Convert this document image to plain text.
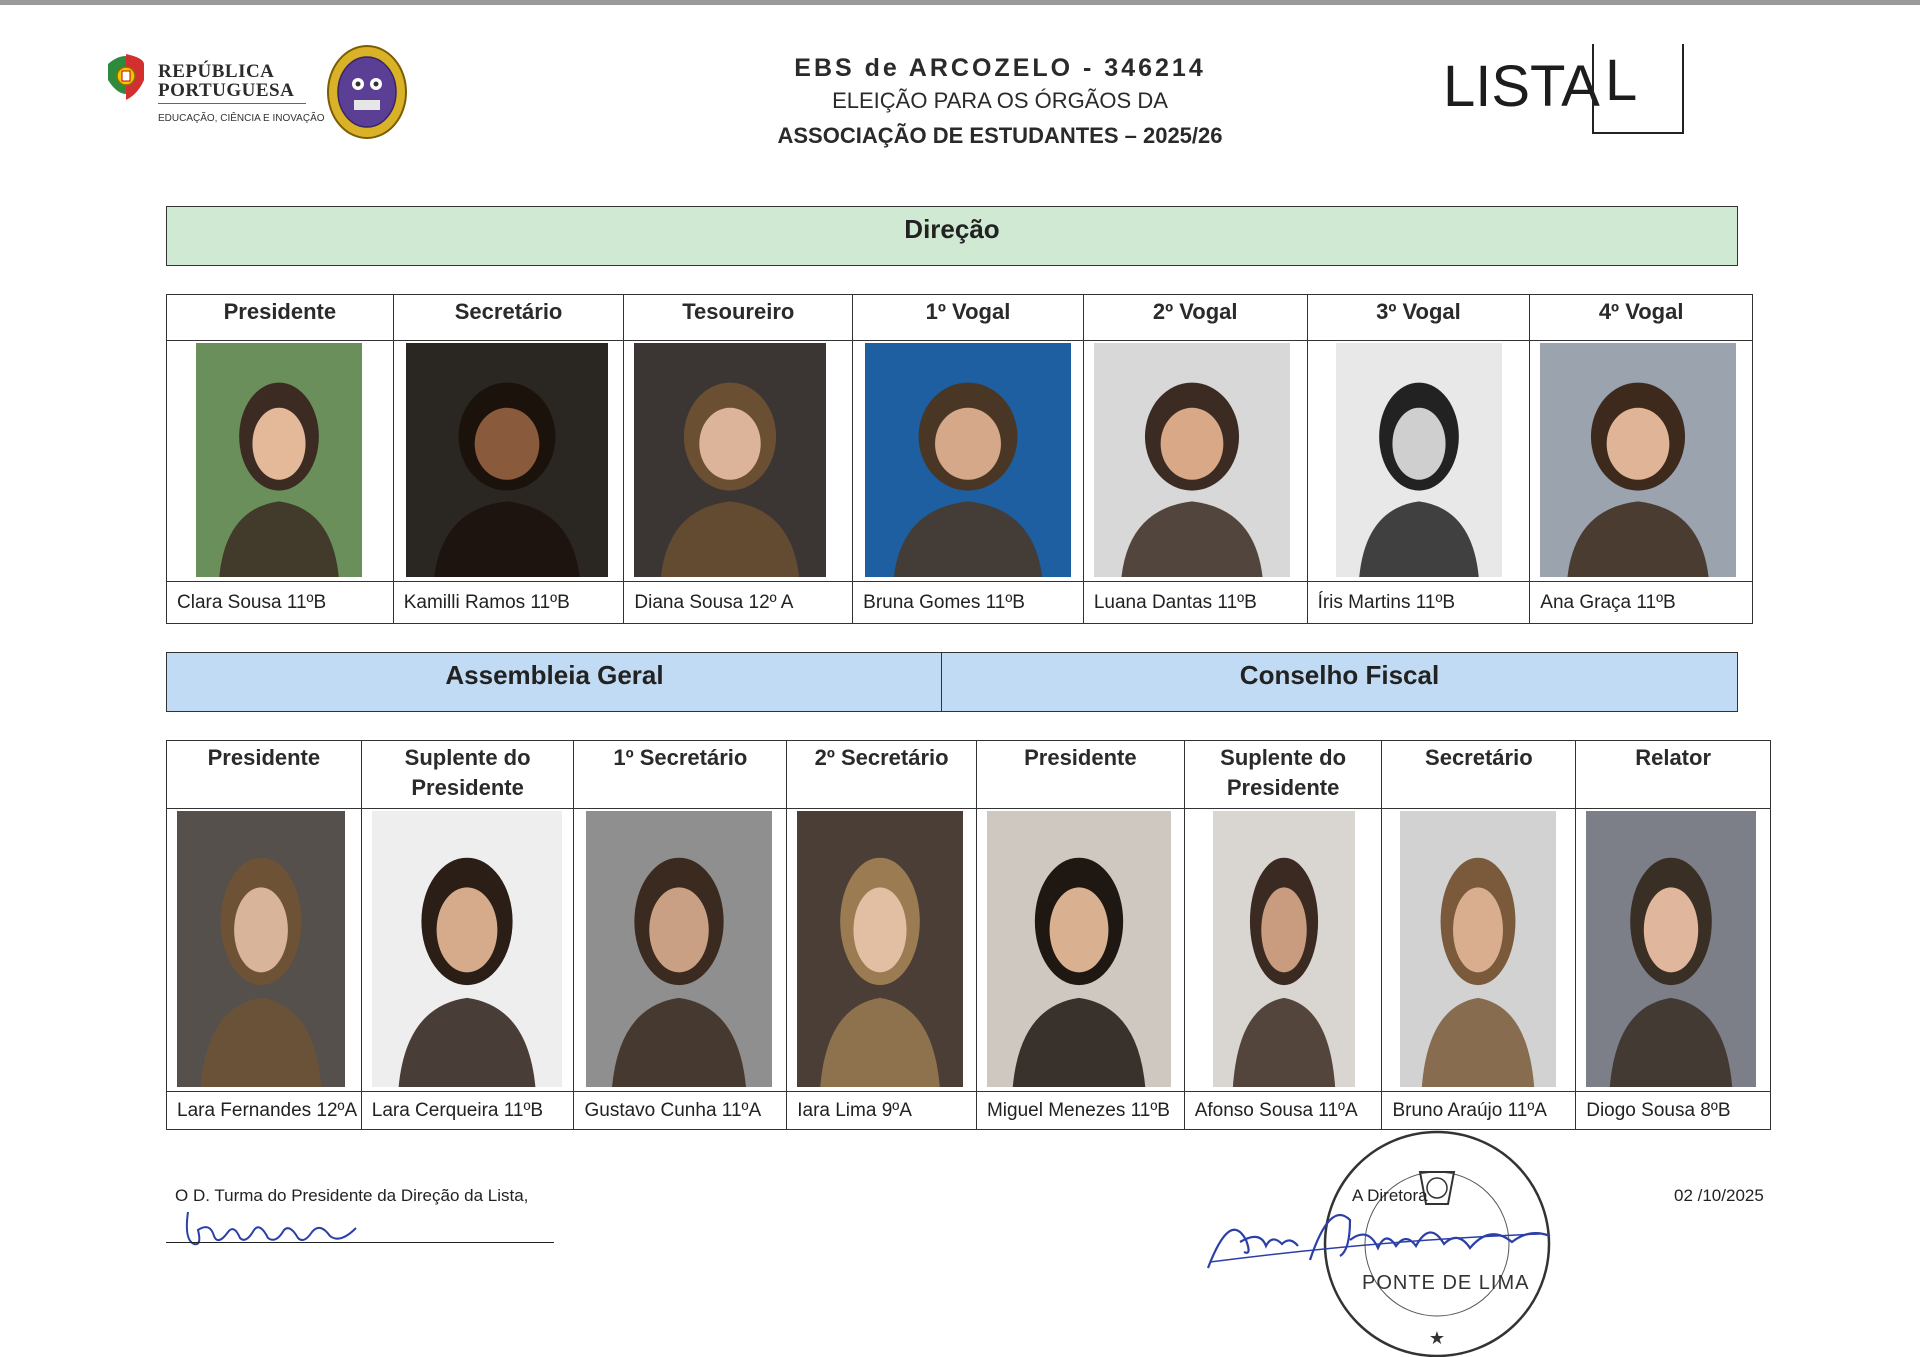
REPÚBLICA
PORTUGUESA
EDUCAÇÃO, CIÊNCIA E INOVAÇÃO
EBS de ARCOZELO - 346214
ELEIÇÃO PARA OS ÓRGÃOS DA
ASSOCIAÇÃO DE ESTUDANTES – 2025/26
LISTA L
Direção
Presidente
Clara Sousa 11ºB
Secretário
Kamilli Ramos 11ºB
Tesoureiro
Diana Sousa 12º A
1º Vogal
Bruna Gomes 11ºB
2º Vogal
Luana Dantas 11ºB
3º Vogal
Íris Martins 11ºB
4º Vogal
Ana Graça 11ºB
Assembleia Geral	Conselho Fiscal
Presidente
Lara Fernandes 12ºA
Suplente do Presidente
Lara Cerqueira 11ºB
1º Secretário
Gustavo Cunha 11ºA
2º Secretário
Iara Lima 9ºA
Presidente
Miguel Menezes 11ºB
Suplente do Presidente
Afonso Sousa 11ºA
Secretário
Bruno Araújo 11ºA
Relator
Diogo Sousa 8ºB
O D. Turma do Presidente da Direção da Lista,
★
A Diretora
PONTE DE LIMA
02 /10/2025
